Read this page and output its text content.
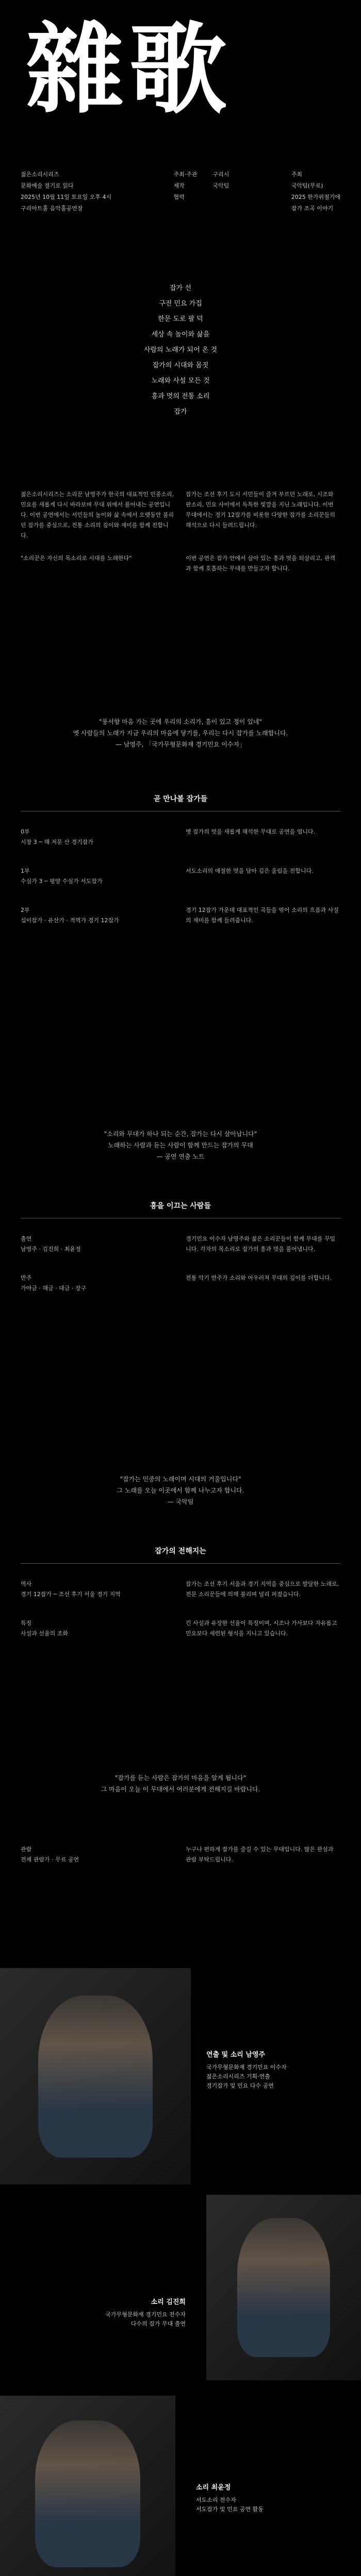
雜歌
젊은소리시리즈
문화예술 절기로 읽다
2025년 10월 11일 토요일 오후 4시
구리아트홀 음악홀공연장
주최·주관
제작
협력
구리시
국악팀
주최
국악팀(무료)
2025 한가위절기에
잡가 조곡 이야기
잡가 선
구전 민요 가집
한문 도로 팔 덕
세상 속 놀이와 삶을
사람의 노래가 되어 온 것
잡가의 시대와 몸짓
노래와 사설 모든 것
흥과 멋의 전통 소리
잡가
젊은소리시리즈는 소리꾼 남영주가 한국의 대표적인 민중소리, 민요를 새롭게 다시 바라보며 무대 위에서 풀어내는 공연입니다. 이번 공연에서는 서민들의 놀이와 삶 속에서 오랫동안 불리던 잡가를 중심으로, 전통 소리의 깊이와 재미를 함께 전합니다.
잡가는 조선 후기 도시 서민들이 즐겨 부르던 노래로, 시조와 판소리, 민요 사이에서 독특한 빛깔을 지닌 노래입니다. 이번 무대에서는 경기 12잡가를 비롯한 다양한 잡가를 소리꾼들의 해석으로 다시 들려드립니다.
"소리꾼은 자신의 목소리로 시대를 노래한다"	이번 공연은 잡가 안에서 살아 있는 흥과 멋을 되살리고, 관객과 함께 호흡하는 무대를 만들고자 합니다.
"풍서향 마음 가는 곳에 우리의 소리가, 흥이 있고 정이 있네"
옛 사람들의 노래가 지금 우리의 마음에 닿기를, 우리는 다시 잡가를 노래합니다.
— 남영주, 「국가무형문화재 경기민요 이수자」
곧 만나볼 잡가들
0부
시창 3 ─ 해 저문 산 경기잡가
옛 잡가의 멋을 새롭게 해석한 무대로 공연을 엽니다.
1부
수심가 3 ─ 평양 수심가 서도잡가
서도소리의 애절한 멋을 담아 깊은 울림을 전합니다.
2부
십이잡가 · 유산가 · 적벽가 경기 12잡가
경기 12잡가 가운데 대표적인 곡들을 엮어 소리의 흐름과 사설의 재미를 함께 들려줍니다.
"소리와 무대가 하나 되는 순간, 잡가는 다시 살아납니다"
노래하는 사람과 듣는 사람이 함께 만드는 잡가의 무대
— 공연 연출 노트
흥을 이끄는 사람들
출연
남영주 · 김진희 · 최윤정
경기민요 이수자 남영주와 젊은 소리꾼들이 함께 무대를 꾸밉니다. 각자의 목소리로 잡가의 흥과 멋을 풀어냅니다.
반주
가야금 · 해금 · 대금 · 장구
전통 악기 반주가 소리와 어우러져 무대의 깊이를 더합니다.
"잡가는 민중의 노래이며 시대의 거울입니다"
그 노래를 오늘 이곳에서 함께 나누고자 합니다.
— 국악팀
잡가의 전해지는
역사
경기 12잡가 ─ 조선 후기 서울 경기 지역
잡가는 조선 후기 서울과 경기 지역을 중심으로 발달한 노래로, 전문 소리꾼들에 의해 불리며 널리 퍼졌습니다.
특징
사설과 선율의 조화
긴 사설과 유장한 선율이 특징이며, 시조나 가사보다 자유롭고 민요보다 세련된 형식을 지니고 있습니다.
"잡가를 듣는 사람은 잡가의 마음을 알게 됩니다"
그 마음이 오늘 이 무대에서 여러분에게 전해지길 바랍니다.
관람
전체 관람가 · 무료 공연
누구나 편하게 잡가를 즐길 수 있는 무대입니다. 많은 관심과 관람 부탁드립니다.
연출 및 소리 남영주
국가무형문화재 경기민요 이수자
젊은소리시리즈 기획·연출
경기잡가 및 민요 다수 공연
소리 김진희
국가무형문화재 경기민요 전수자
다수의 잡가 무대 출연
소리 최윤정
서도소리 전수자
서도잡가 및 민요 공연 활동
